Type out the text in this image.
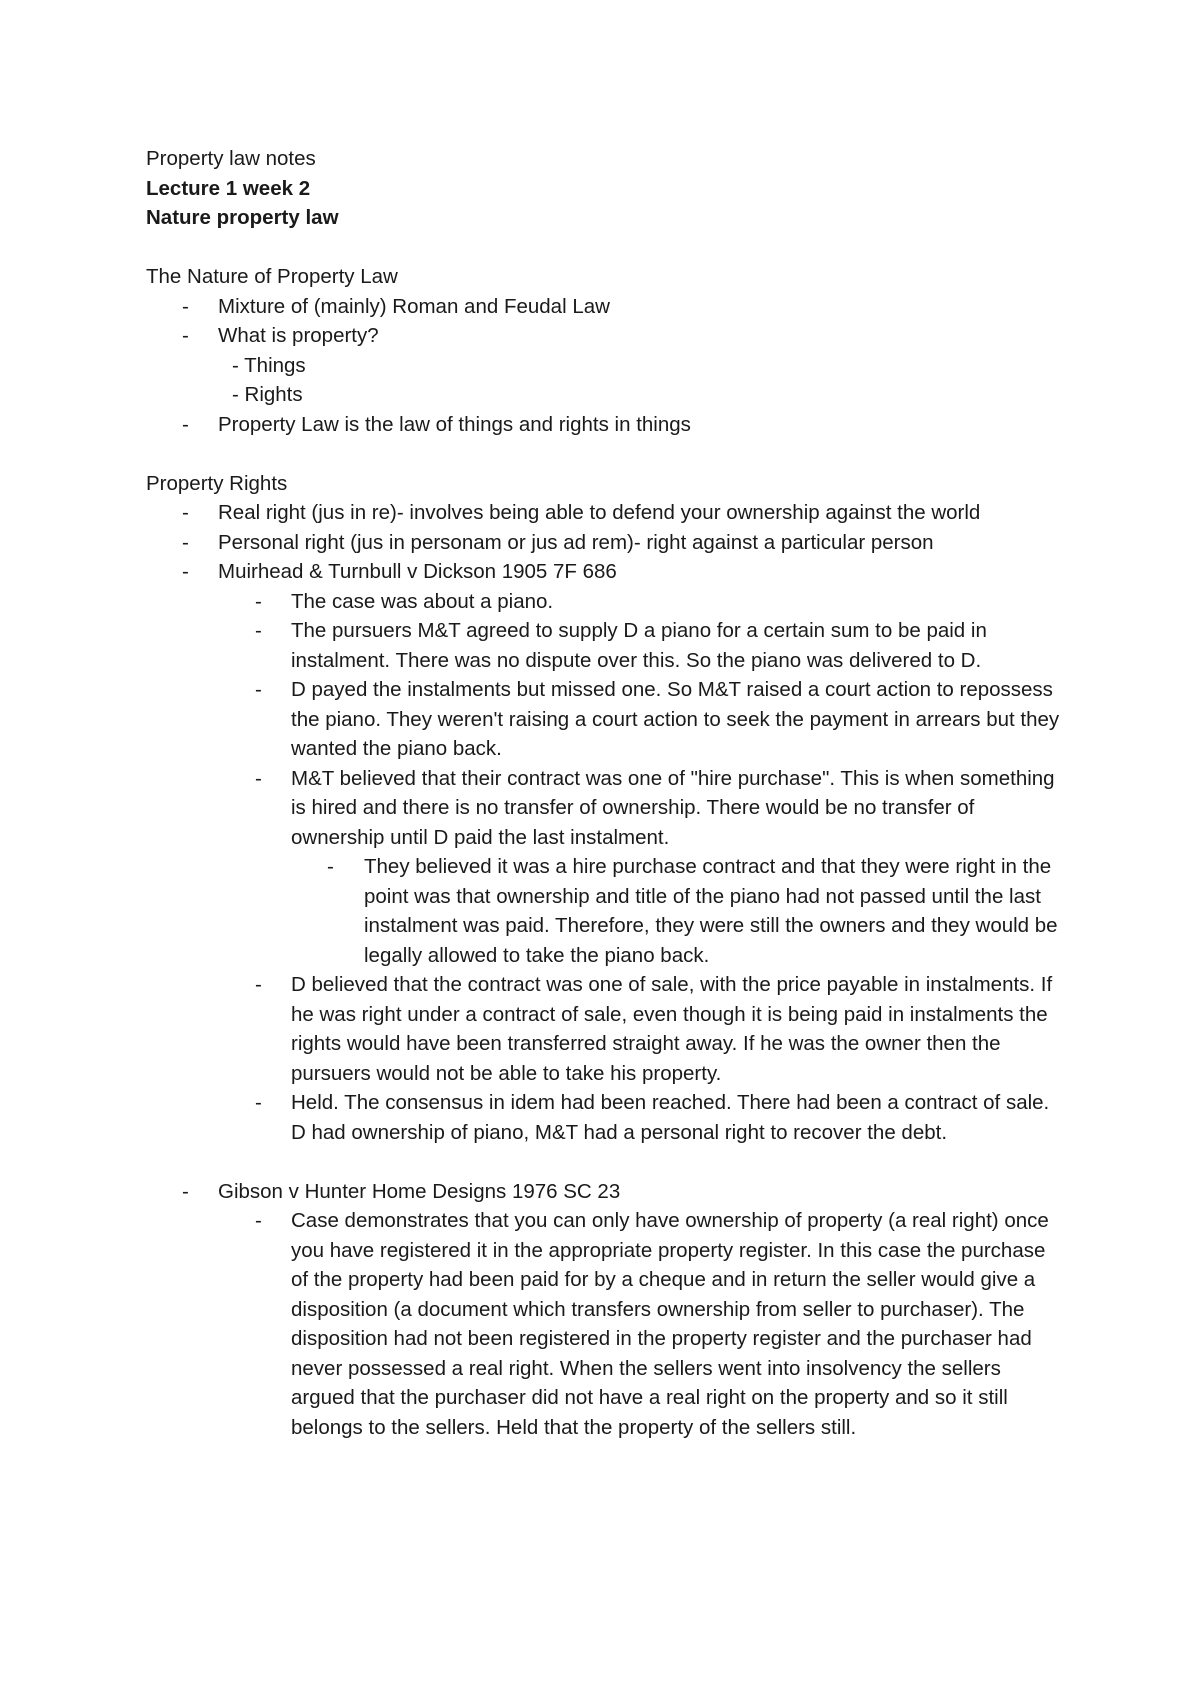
Property law notes

Lecture 1 week 2

Nature property law

The Nature of Property Law

- Mixture of (mainly) Roman and Feudal Law
- What is property?

- Things

- Rights

- Property Law is the law of things and rights in things

Property Rights

- Real right (jus in re)- involves being able to defend your ownership against the world
- Personal right (jus in personam or jus ad rem)- right against a particular person
- Muirhead & Turnbull v Dickson 1905 7F 686
- The case was about a piano.
- The pursuers M&T agreed to supply D a piano for a certain sum to be paid in instalment. There was no dispute over this. So the piano was delivered to D.
- D payed the instalments but missed one. So M&T raised a court action to repossess the piano. They weren't raising a court action to seek the payment in arrears but they wanted the piano back.
- M&T believed that their contract was one of "hire purchase". This is when something is hired and there is no transfer of ownership. There would be no transfer of ownership until D paid the last instalment.
- They believed it was a hire purchase contract and that they were right in the point was that ownership and title of the piano had not passed until the last instalment was paid. Therefore, they were still the owners and they would be legally allowed to take the piano back.
- D believed that the contract was one of sale, with the price payable in instalments. If he was right under a contract of sale, even though it is being paid in instalments the rights would have been transferred straight away. If he was the owner then the pursuers would not be able to take his property.
- Held. The consensus in idem had been reached. There had been a contract of sale. D had ownership of piano, M&T had a personal right to recover the debt.
- Gibson v Hunter Home Designs 1976 SC 23
- Case demonstrates that you can only have ownership of property (a real right) once you have registered it in the appropriate property register. In this case the purchase of the property had been paid for by a cheque and in return the seller would give a disposition (a document which transfers ownership from seller to purchaser). The disposition had not been registered in the property register and the purchaser had never possessed a real right. When the sellers went into insolvency the sellers argued that the purchaser did not have a real right on the property and so it still belongs to the sellers. Held that the property of the sellers still.
